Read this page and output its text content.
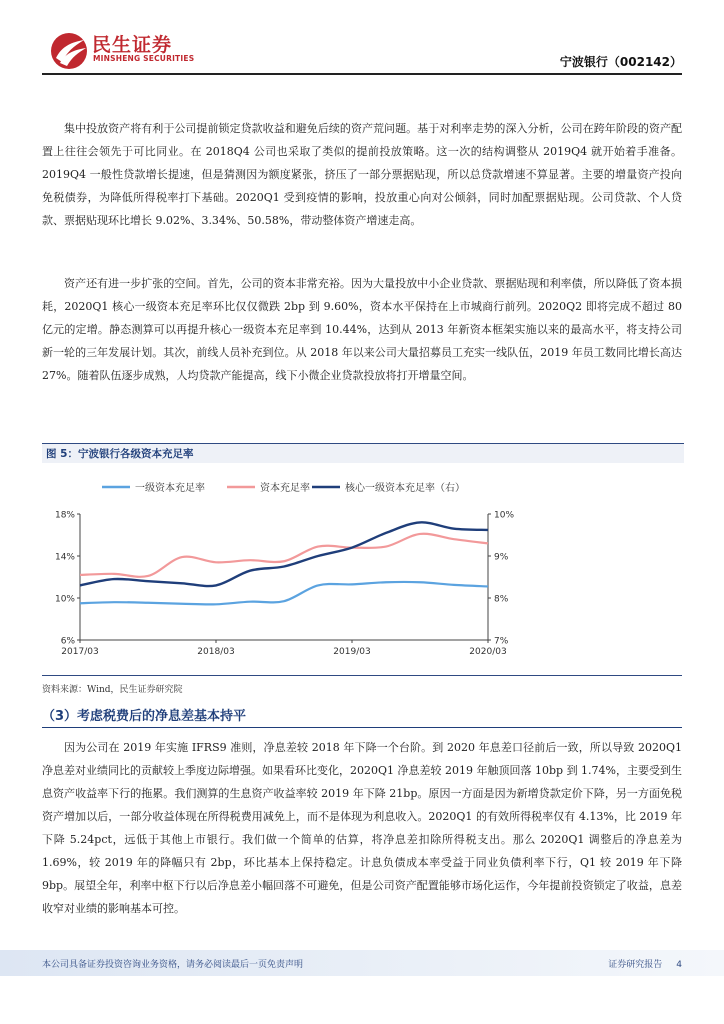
民生证券
MINSHENG SECURITIES	宁波银行（002142）

集中投放资产将有利于公司提前锁定贷款收益和避免后续的资产荒问题。基于对利率走势的深入分析，公司在跨年阶段的资产配置上往往会领先于可比同业。在 2018Q4 公司也采取了类似的提前投放策略。这一次的结构调整从 2019Q4 就开始着手准备。2019Q4 一般性贷款增长提速，但是猜测因为额度紧张，挤压了一部分票据贴现，所以总贷款增速不算显著。主要的增量资产投向免税债券，为降低所得税率打下基础。2020Q1 受到疫情的影响，投放重心向对公倾斜，同时加配票据贴现。公司贷款、个人贷款、票据贴现环比增长 9.02%、3.34%、50.58%，带动整体资产增速走高。

资产还有进一步扩张的空间。首先，公司的资本非常充裕。因为大量投放中小企业贷款、票据贴现和利率债，所以降低了资本损耗，2020Q1 核心一级资本充足率环比仅仅微跌 2bp 到 9.60%，资本水平保持在上市城商行前列。2020Q2 即将完成不超过 80 亿元的定增。静态测算可以再提升核心一级资本充足率到 10.44%，达到从 2013 年新资本框架实施以来的最高水平，将支持公司新一轮的三年发展计划。其次，前线人员补充到位。从 2018 年以来公司大量招募员工充实一线队伍，2019 年员工数同比增长高达 27%。随着队伍逐步成熟，人均贷款产能提高，线下小微企业贷款投放将打开增量空间。

图 5：宁波银行各级资本充足率
一级资本充足率	资本充足率	核心一级资本充足率（右）
18%
14%
10%
6%
10%
9%
8%
7%
2017/03	2018/03	2019/03	2020/03
资料来源：Wind，民生证券研究院
（3）考虑税费后的净息差基本持平

因为公司在 2019 年实施 IFRS9 准则，净息差较 2018 年下降一个台阶。到 2020 年息差口径前后一致，所以导致 2020Q1 净息差对业绩同比的贡献较上季度边际增强。如果看环比变化，2020Q1 净息差较 2019 年触顶回落 10bp 到 1.74%，主要受到生息资产收益率下行的拖累。我们测算的生息资产收益率较 2019 年下降 21bp。原因一方面是因为新增贷款定价下降，另一方面免税资产增加以后，一部分收益体现在所得税费用减免上，而不是体现为利息收入。2020Q1 的有效所得税率仅有 4.13%，比 2019 年下降 5.24pct，远低于其他上市银行。我们做一个简单的估算，将净息差扣除所得税支出。那么 2020Q1 调整后的净息差为 1.69%，较 2019 年的降幅只有 2bp，环比基本上保持稳定。计息负债成本率受益于同业负债利率下行，Q1 较 2019 年下降 9bp。展望全年，利率中枢下行以后净息差小幅回落不可避免，但是公司资产配置能够市场化运作，今年提前投资锁定了收益，息差收窄对业绩的影响基本可控。

本公司具备证券投资咨询业务资格，请务必阅读最后一页免责声明	证券研究报告 4
